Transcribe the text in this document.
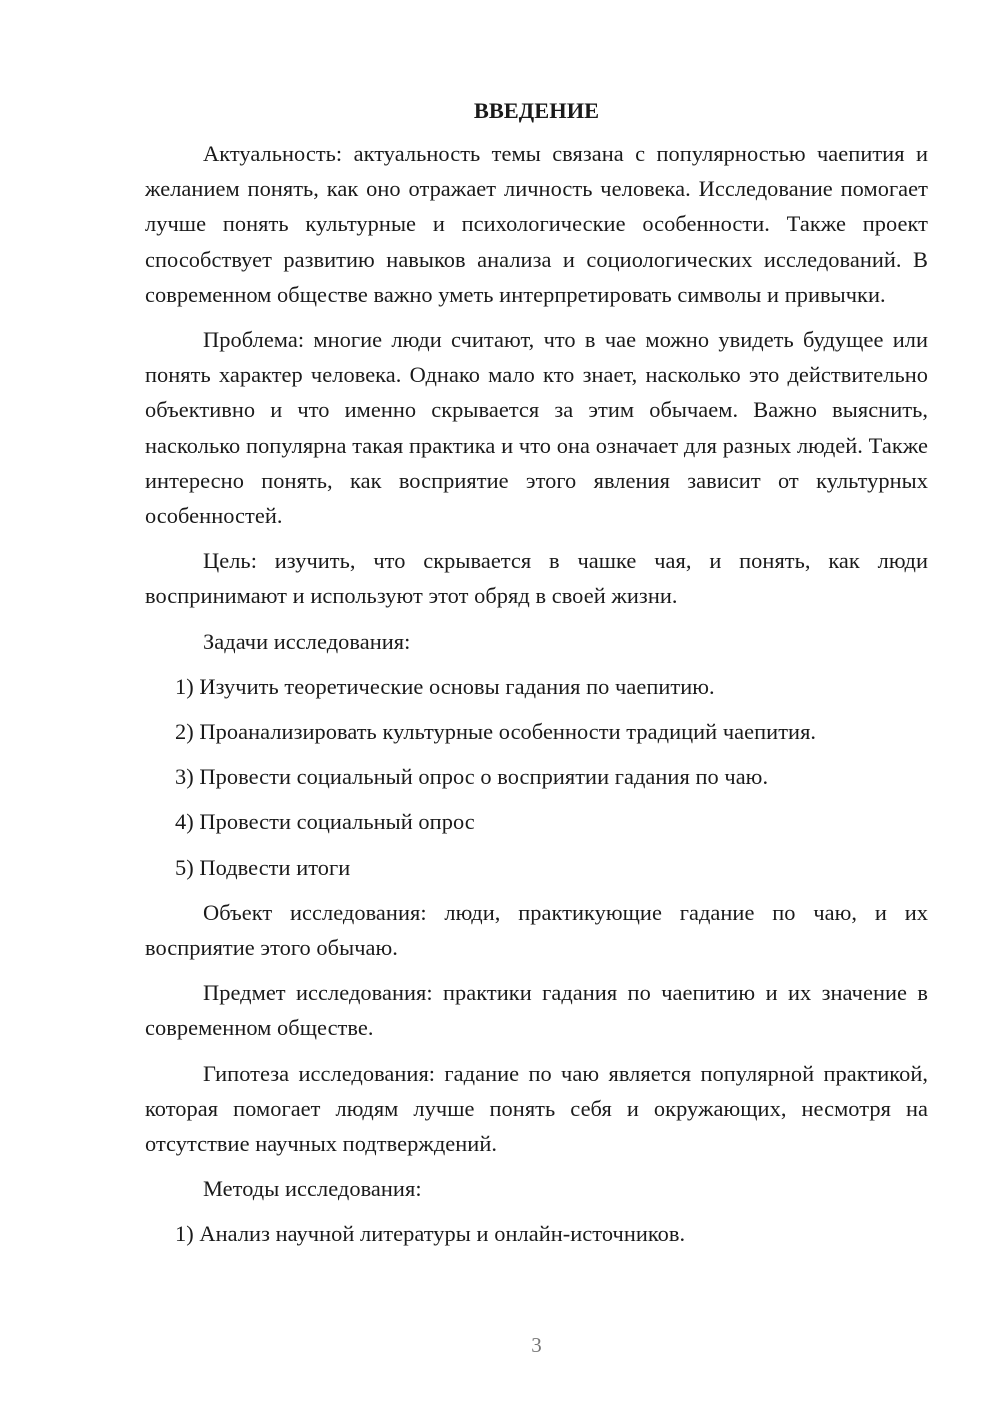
ВВЕДЕНИЕ

Актуальность: актуальность темы связана с популярностью чаепития и желанием понять, как оно отражает личность человека. Исследование помогает лучше понять культурные и психологические особенности. Также проект способствует развитию навыков анализа и социологических исследований. В современном обществе важно уметь интерпретировать символы и привычки.

Проблема: многие люди считают, что в чае можно увидеть будущее или понять характер человека. Однако мало кто знает, насколько это действительно объективно и что именно скрывается за этим обычаем. Важно выяснить, насколько популярна такая практика и что она означает для разных людей. Также интересно понять, как восприятие этого явления зависит от культурных особенностей.

Цель: изучить, что скрывается в чашке чая, и понять, как люди воспринимают и используют этот обряд в своей жизни.

Задачи исследования:

1) Изучить теоретические основы гадания по чаепитию.

2) Проанализировать культурные особенности традиций чаепития.

3) Провести социальный опрос о восприятии гадания по чаю.

4) Провести социальный опрос

5) Подвести итоги

Объект исследования: люди, практикующие гадание по чаю, и их восприятие этого обычаю.

Предмет исследования: практики гадания по чаепитию и их значение в современном обществе.

Гипотеза исследования: гадание по чаю является популярной практикой, которая помогает людям лучше понять себя и окружающих, несмотря на отсутствие научных подтверждений.

Методы исследования:

1) Анализ научной литературы и онлайн-источников.

3
